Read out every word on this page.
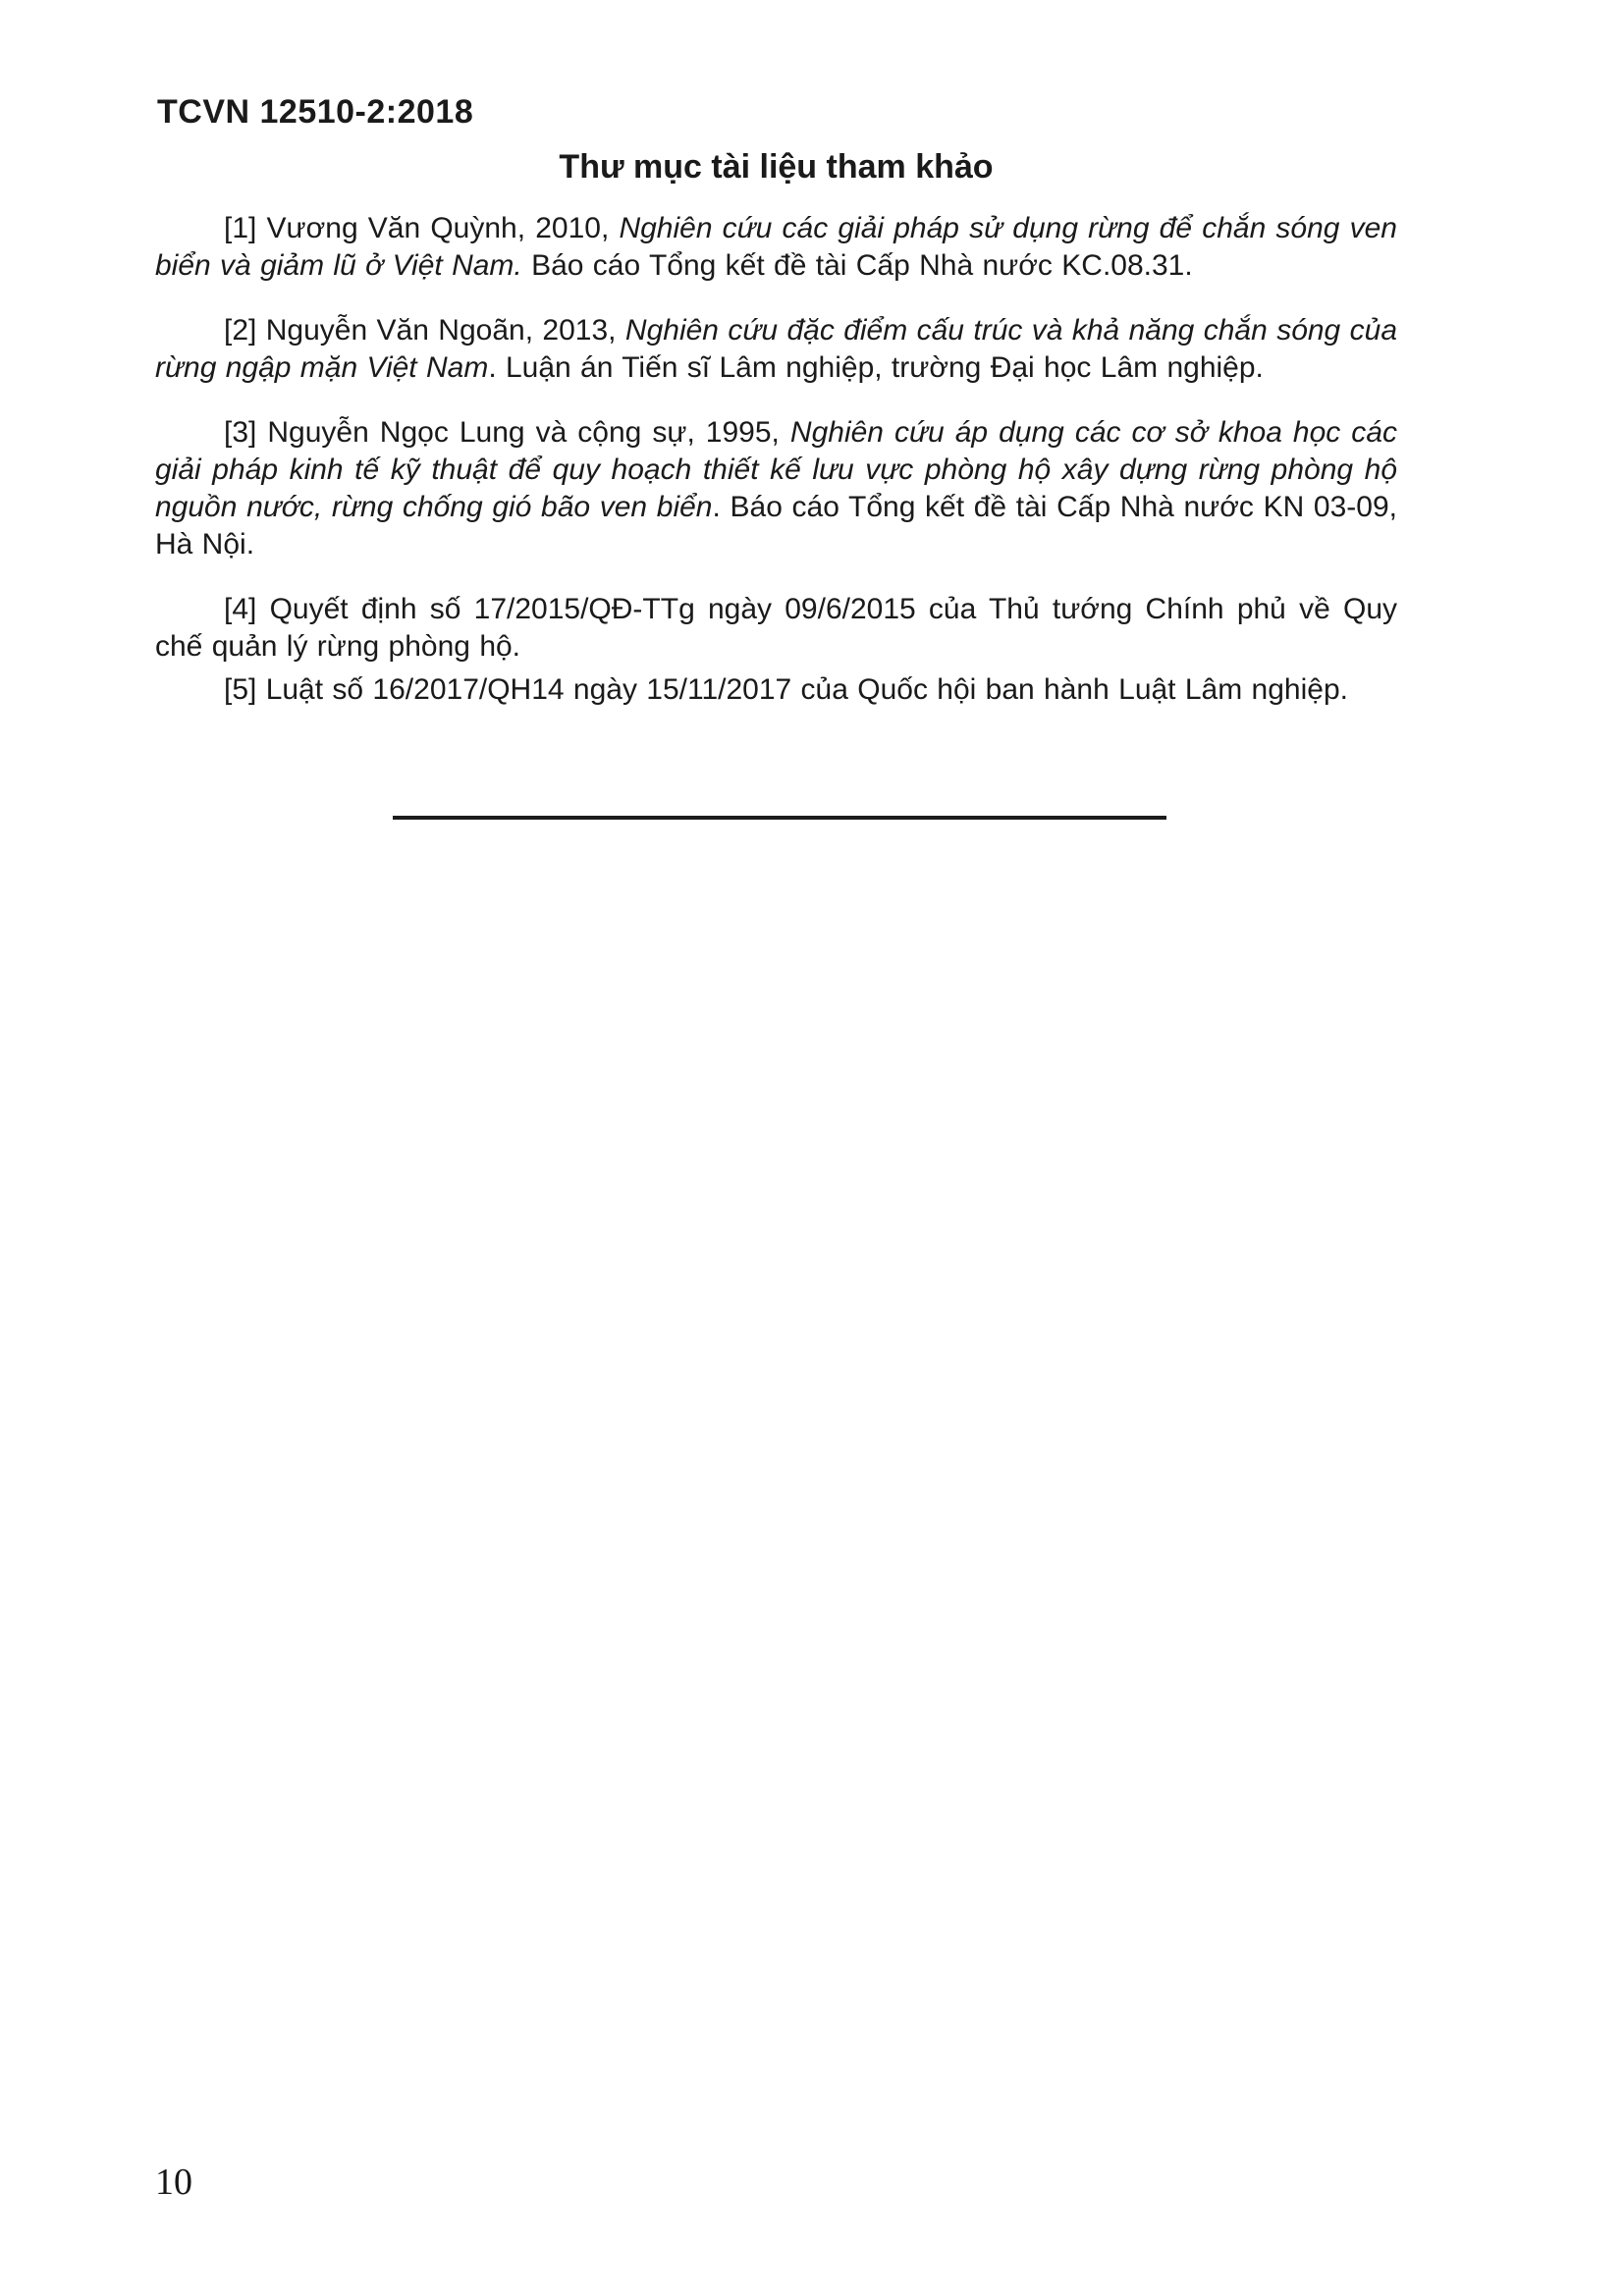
TCVN 12510-2:2018
Thư mục tài liệu tham khảo

[1] Vương Văn Quỳnh, 2010, Nghiên cứu các giải pháp sử dụng rừng để chắn sóng ven biển và giảm lũ ở Việt Nam. Báo cáo Tổng kết đề tài Cấp Nhà nước KC.08.31.

[2] Nguyễn Văn Ngoãn, 2013, Nghiên cứu đặc điểm cấu trúc và khả năng chắn sóng của rừng ngập mặn Việt Nam. Luận án Tiến sĩ Lâm nghiệp, trường Đại học Lâm nghiệp.

[3] Nguyễn Ngọc Lung và cộng sự, 1995, Nghiên cứu áp dụng các cơ sở khoa học các giải pháp kinh tế kỹ thuật để quy hoạch thiết kế lưu vực phòng hộ xây dựng rừng phòng hộ nguồn nước, rừng chống gió bão ven biển. Báo cáo Tổng kết đề tài Cấp Nhà nước KN 03-09, Hà Nội.

[4] Quyết định số 17/2015/QĐ-TTg ngày 09/6/2015 của Thủ tướng Chính phủ về Quy chế quản lý rừng phòng hộ.

[5] Luật số 16/2017/QH14 ngày 15/11/2017 của Quốc hội ban hành Luật Lâm nghiệp.

10
